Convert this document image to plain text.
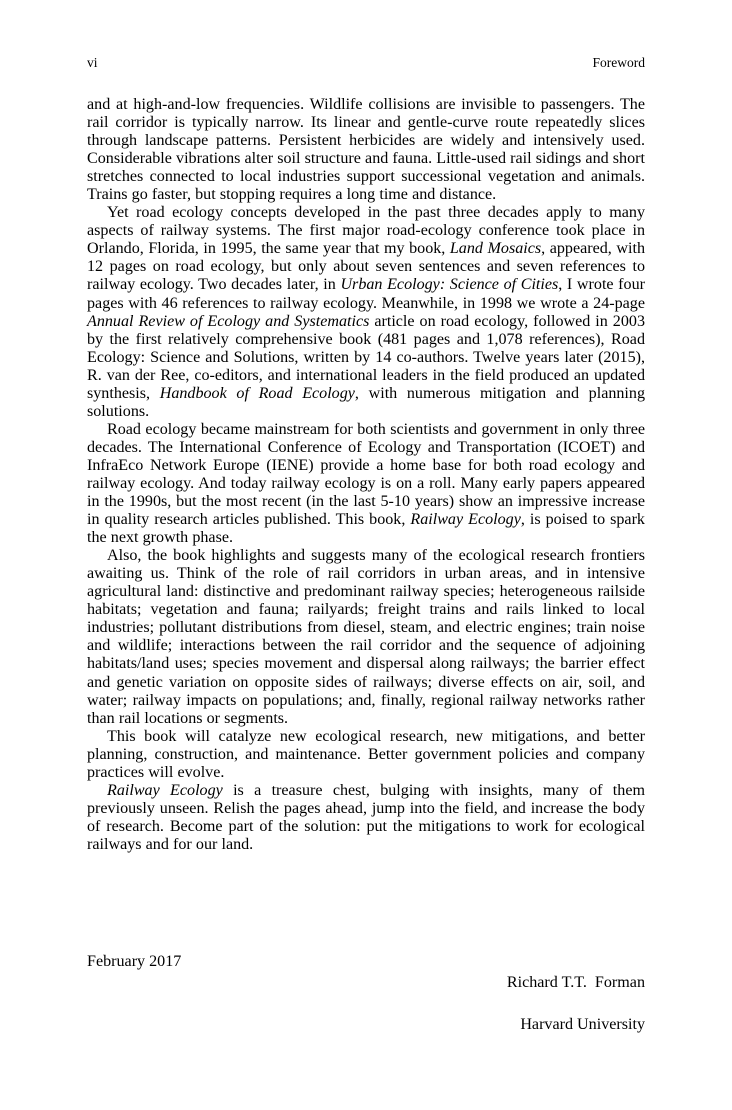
vi	Foreword

and at high-and-low frequencies. Wildlife collisions are invisible to passengers. The rail corridor is typically narrow. Its linear and gentle-curve route repeatedly slices through landscape patterns. Persistent herbicides are widely and intensively used. Considerable vibrations alter soil structure and fauna. Little-used rail sidings and short stretches connected to local industries support successional vegetation and animals. Trains go faster, but stopping requires a long time and distance.

Yet road ecology concepts developed in the past three decades apply to many aspects of railway systems. The first major road-ecology conference took place in Orlando, Florida, in 1995, the same year that my book, Land Mosaics, appeared, with 12 pages on road ecology, but only about seven sentences and seven references to railway ecology. Two decades later, in Urban Ecology: Science of Cities, I wrote four pages with 46 references to railway ecology. Meanwhile, in 1998 we wrote a 24-page Annual Review of Ecology and Systematics article on road ecology, followed in 2003 by the first relatively comprehensive book (481 pages and 1,078 references), Road Ecology: Science and Solutions, written by 14 co-authors. Twelve years later (2015), R. van der Ree, co-editors, and international leaders in the field produced an updated synthesis, Handbook of Road Ecology, with numerous mitigation and planning solutions.

Road ecology became mainstream for both scientists and government in only three decades. The International Conference of Ecology and Transportation (ICOET) and InfraEco Network Europe (IENE) provide a home base for both road ecology and railway ecology. And today railway ecology is on a roll. Many early papers appeared in the 1990s, but the most recent (in the last 5-10 years) show an impressive increase in quality research articles published. This book, Railway Ecology, is poised to spark the next growth phase.

Also, the book highlights and suggests many of the ecological research frontiers awaiting us. Think of the role of rail corridors in urban areas, and in intensive agricultural land: distinctive and predominant railway species; heterogeneous railside habitats; vegetation and fauna; railyards; freight trains and rails linked to local industries; pollutant distributions from diesel, steam, and electric engines; train noise and wildlife; interactions between the rail corridor and the sequence of adjoining habitats/land uses; species movement and dispersal along railways; the barrier effect and genetic variation on opposite sides of railways; diverse effects on air, soil, and water; railway impacts on populations; and, finally, regional railway networks rather than rail locations or segments.

This book will catalyze new ecological research, new mitigations, and better planning, construction, and maintenance. Better government policies and company practices will evolve.

Railway Ecology is a treasure chest, bulging with insights, many of them previously unseen. Relish the pages ahead, jump into the field, and increase the body of research. Become part of the solution: put the mitigations to work for ecological railways and for our land.

February 2017

Richard T.T.  Forman

Harvard University
